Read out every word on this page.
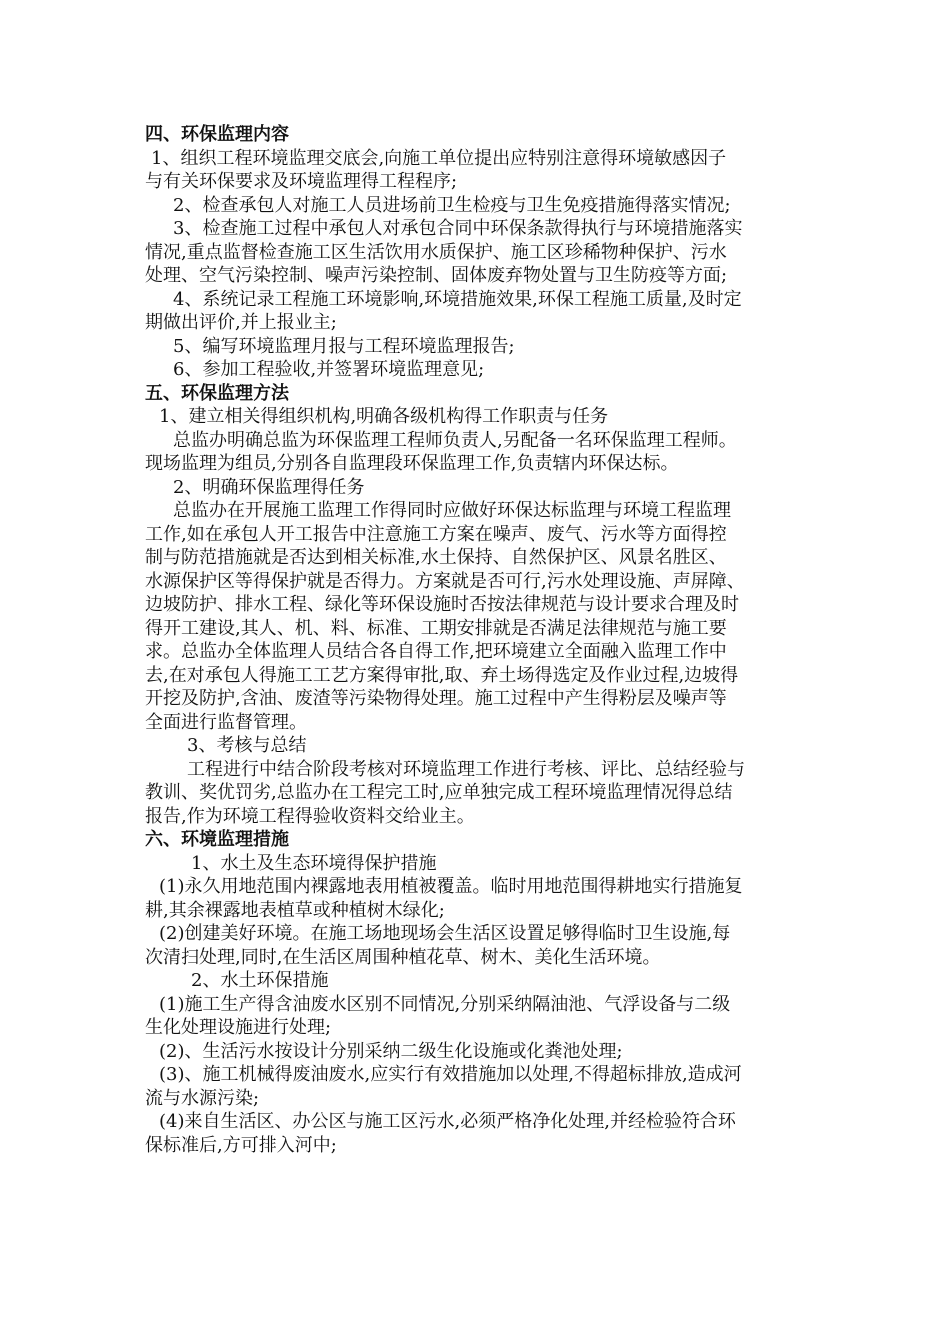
四、环保监理内容
1、组织工程环境监理交底会,向施工单位提出应特别注意得环境敏感因子
与有关环保要求及环境监理得工程程序;
2、检查承包人对施工人员进场前卫生检疫与卫生免疫措施得落实情况;
3、检查施工过程中承包人对承包合同中环保条款得执行与环境措施落实
情况,重点监督检查施工区生活饮用水质保护、施工区珍稀物种保护、污水
处理、空气污染控制、噪声污染控制、固体废弃物处置与卫生防疫等方面;
4、系统记录工程施工环境影响,环境措施效果,环保工程施工质量,及时定
期做出评价,并上报业主;
5、编写环境监理月报与工程环境监理报告;
6、参加工程验收,并签署环境监理意见;
五、环保监理方法
1、建立相关得组织机构,明确各级机构得工作职责与任务
总监办明确总监为环保监理工程师负责人,另配备一名环保监理工程师。
现场监理为组员,分别各自监理段环保监理工作,负责辖内环保达标。
2、明确环保监理得任务
总监办在开展施工监理工作得同时应做好环保达标监理与环境工程监理
工作,如在承包人开工报告中注意施工方案在噪声、废气、污水等方面得控
制与防范措施就是否达到相关标准,水土保持、自然保护区、风景名胜区、
水源保护区等得保护就是否得力。方案就是否可行,污水处理设施、声屏障、
边坡防护、排水工程、绿化等环保设施时否按法律规范与设计要求合理及时
得开工建设,其人、机、料、标准、工期安排就是否满足法律规范与施工要
求。总监办全体监理人员结合各自得工作,把环境建立全面融入监理工作中
去,在对承包人得施工工艺方案得审批,取、弃土场得选定及作业过程,边坡得
开挖及防护,含油、废渣等污染物得处理。施工过程中产生得粉层及噪声等
全面进行监督管理。
3、考核与总结
工程进行中结合阶段考核对环境监理工作进行考核、评比、总结经验与
教训、奖优罚劣,总监办在工程完工时,应单独完成工程环境监理情况得总结
报告,作为环境工程得验收资料交给业主。
六、环境监理措施
1、水土及生态环境得保护措施
(1)永久用地范围内裸露地表用植被覆盖。临时用地范围得耕地实行措施复
耕,其余裸露地表植草或种植树木绿化;
(2)创建美好环境。在施工场地现场会生活区设置足够得临时卫生设施,每
次清扫处理,同时,在生活区周围种植花草、树木、美化生活环境。
2、水土环保措施
(1)施工生产得含油废水区别不同情况,分别采纳隔油池、气浮设备与二级
生化处理设施进行处理;
(2)、生活污水按设计分别采纳二级生化设施或化粪池处理;
(3)、施工机械得废油废水,应实行有效措施加以处理,不得超标排放,造成河
流与水源污染;
(4)来自生活区、办公区与施工区污水,必须严格净化处理,并经检验符合环
保标准后,方可排入河中;
